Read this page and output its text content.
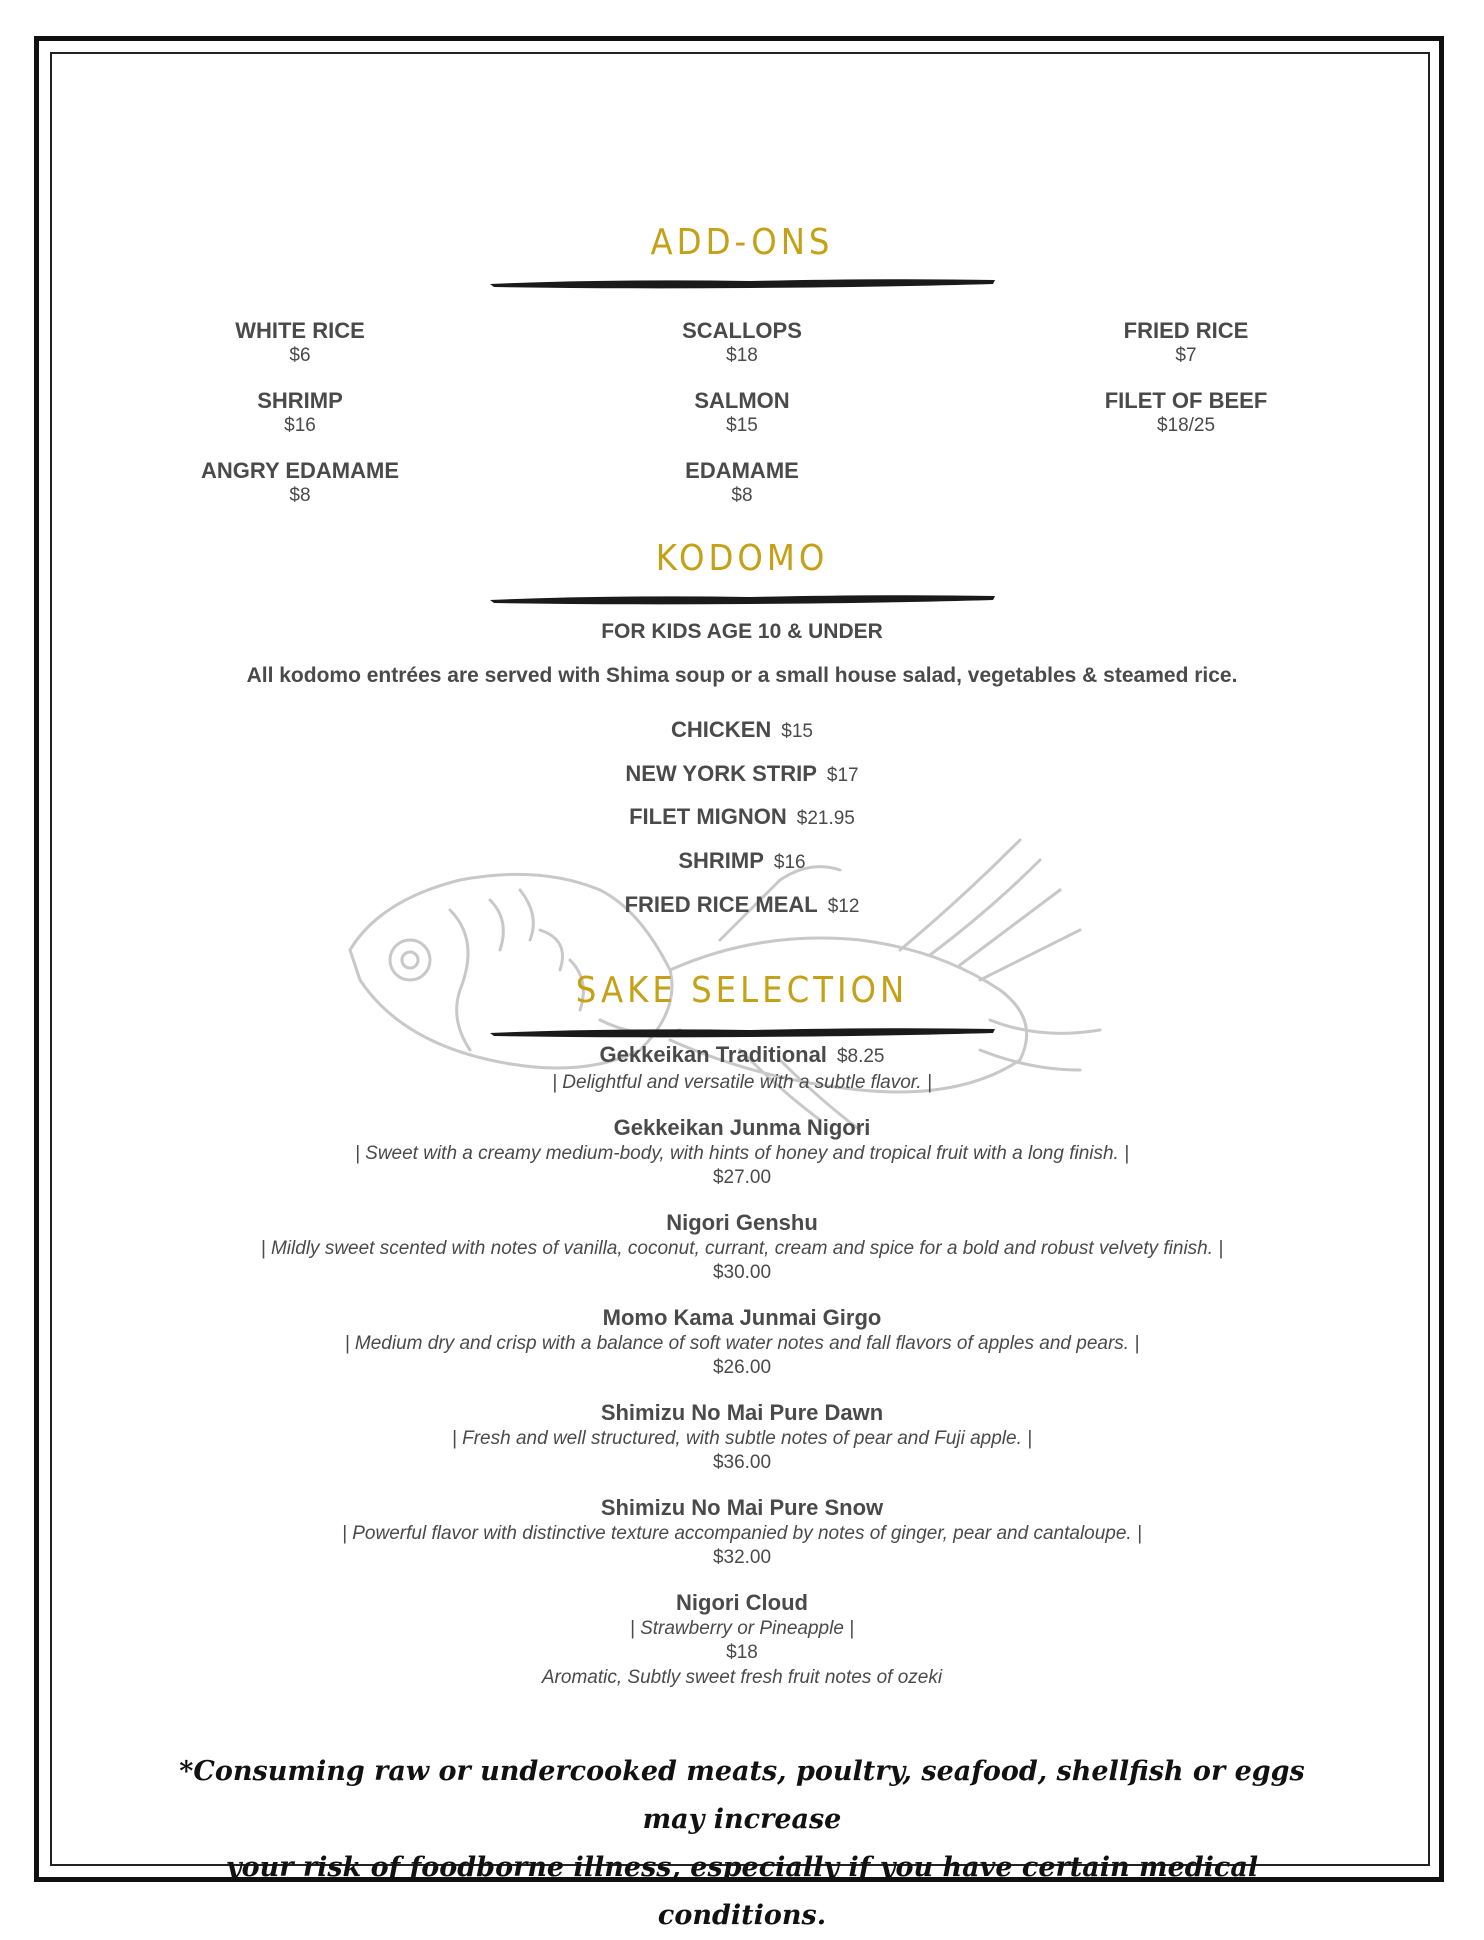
ADD-ONS
WHITE RICE
$6
SHRIMP
$16
ANGRY EDAMAME
$8
SCALLOPS
$18
SALMON
$15
EDAMAME
$8
FRIED RICE
$7
FILET OF BEEF
$18/25
KODOMO
FOR KIDS AGE 10 & UNDER
All kodomo entrées are served with Shima soup or a small house salad, vegetables & steamed rice.
CHICKEN $15
NEW YORK STRIP $17
FILET MIGNON $21.95
SHRIMP $16
FRIED RICE MEAL $12
SAKE SELECTION
Gekkeikan Traditional $8.25
| Delightful and versatile with a subtle flavor. |
Gekkeikan Junma Nigori
| Sweet with a creamy medium-body, with hints of honey and tropical fruit with a long finish. |
$27.00
Nigori Genshu
| Mildly sweet scented with notes of vanilla, coconut, currant, cream and spice for a bold and robust velvety finish. |
$30.00
Momo Kama Junmai Girgo
| Medium dry and crisp with a balance of soft water notes and fall flavors of apples and pears. |
$26.00
Shimizu No Mai Pure Dawn
| Fresh and well structured, with subtle notes of pear and Fuji apple. |
$36.00
Shimizu No Mai Pure Snow
| Powerful flavor with distinctive texture accompanied by notes of ginger, pear and cantaloupe. |
$32.00
Nigori Cloud
| Strawberry or Pineapple |
$18
Aromatic, Subtly sweet fresh fruit notes of ozeki
*Consuming raw or undercooked meats, poultry, seafood, shellfish or eggs may increase
your risk of foodborne illness, especially if you have certain medical conditions.
